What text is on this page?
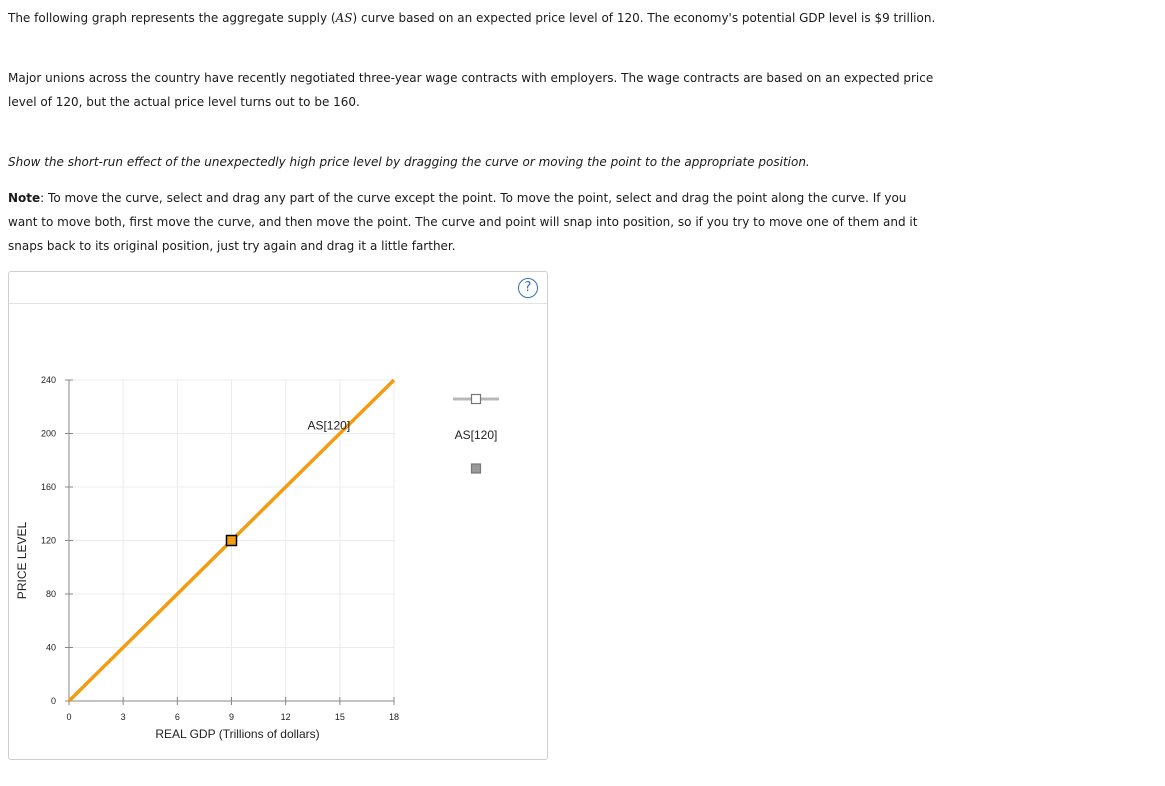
The following graph represents the aggregate supply (AS) curve based on an expected price level of 120. The economy's potential GDP level is $9 trillion.

Major unions across the country have recently negotiated three-year wage contracts with employers. The wage contracts are based on an expected price level of 120, but the actual price level turns out to be 160.

Show the short-run effect of the unexpectedly high price level by dragging the curve or moving the point to the appropriate position.

Note: To move the curve, select and drag any part of the curve except the point. To move the point, select and drag the point along the curve. If you want to move both, first move the curve, and then move the point. The curve and point will snap into position, so if you try to move one of them and it snaps back to its original position, just try again and drag it a little farther.

?
0
40
80
120
160
200
240
0	3	6	9	12	15	18
REAL GDP (Trillions of dollars)
PRICE LEVEL
AS[120]
AS[120]
